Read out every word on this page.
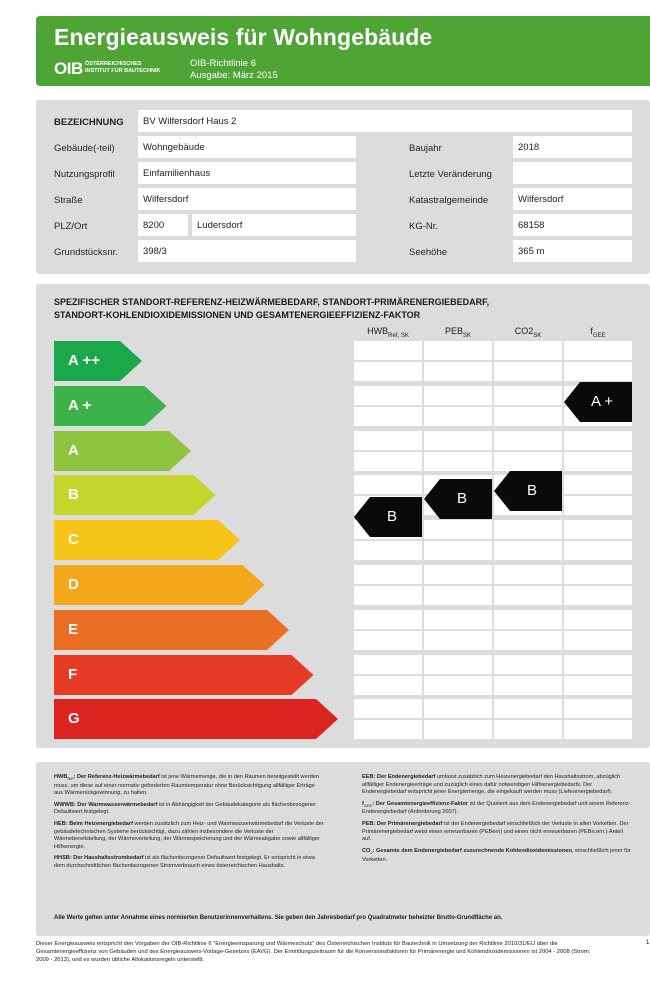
Energieausweis für Wohngebäude
OIB ÖSTERREICHISCHES
INSTITUT FÜR BAUTECHNIK
OIB-Richtlinie 6
Ausgabe: März 2015
BEZEICHNUNG	BV Wilfersdorf Haus 2
Gebäude(-teil)	Wohngebäude	Baujahr	2018
Nutzungsprofil	Einfamilienhaus	Letzte Veränderung
Straße	Wilfersdorf	Katastralgemeinde	Wilfersdorf
PLZ/Ort	8200	Ludersdorf	KG-Nr.	68158
Grundstücksnr.	398/3	Seehöhe	365 m
SPEZIFISCHER STANDORT-REFERENZ-HEIZWÄRMEBEDARF, STANDORT-PRIMÄRENERGIEBEDARF,
STANDORT-KOHLENDIOXIDEMISSIONEN UND GESAMTENERGIEEFFIZIENZ-FAKTOR
$HWB_{Ref, SK}$	$PEB_{SK}$	$CO2_{SK}$	$f_{GEE}$
A ++
A +
A
B
C
D
E
F
G
B
B	B
A +

$HWB_{Ref}$: Der Referenz-Heizwärmebedarf ist jene Wärmemenge, die in den Räumen bereitgestellt werden muss, um diese auf einer normativ geforderten Raumtemperatur ohne Berücksichtigung allfälliger Erträge aus Wärmerückgewinnung, zu halten.

WWWB: Der Warmwasserwärmebedarf ist in Abhängigkeit der Gebäudekategorie als flächenbezogener Defaultwert festgelegt.

HEB: Beim Heizenergiebedarf werden zusätzlich zum Heiz- und Warmwasserwärmebedarf die Verluste der gebäudetechnischen Systeme berücksichtigt, dazu zählen insbesondere die Verluste der Wärmebereitstellung, der Wärmeverteilung, der Wärmespeicherung und der Wärmeabgabe sowie allfälliger Hilfsenergie.

HHSB: Der Haushaltsstrombedarf ist als flächenbezogener Defaultwert festgelegt. Er entspricht in etwa dem durchschnittlichen flächenbezogenen Stromverbrauch eines österreichischen Haushalts.

EEB: Der Endenergiebedarf umfasst zusätzlich zum Heizenergiebedarf den Haushaltsstrom, abzüglich allfälliger Endenergieerträge und zuzüglich eines dafür notwendigen Hilfsenergiebedarfs. Der Endenergiebedarf entspricht jener Energiemenge, die eingekauft werden muss (Lieferenergiebedarf).

$f_{GEE}$: Der Gesamtenergieeffizienz-Faktor ist der Quotient aus dem Endenergiebedarf und einem Referenz-Endenergiebedarf (Anforderung 2007).

PEB: Der Primärenergiebedarf ist der Endenergiebedarf einschließlich der Verluste in allen Vorketten. Der Primärenergiebedarf weist einen erneuerbaren (PEBern) und einen nicht erneuerbaren (PEBn.ern.) Anteil auf.

$CO_2$: Gesamte dem Endenergiebedarf zuzurechnende Kohlendioxidemissionen, einschließlich jener für Vorketten.

Alle Werte gelten unter Annahme eines normierten Benutzerinnenverhaltens. Sie geben den Jahresbedarf pro Quadratmeter beheizter Brutto-Grundfläche an.
Dieser Energieausweis entspricht den Vorgaben der OIB-Richtlinie 6 "Energieeinsparung und Wärmeschutz" des Österreichischen Instituts für Bautechnik in Umsetzung der Richtlinie 2010/31/EU über die Gesamtenergieeffizienz von Gebäuden und des Energieausweis-Vorlage-Gesetzes (EAVG). Der Ermittlungszeitraum für die Konversionsfaktoren für Primärenergie und Kohlendioxidemissionen ist 2004 - 2008 (Strom: 2009 - 2013), und es wurden übliche Allokationsregeln unterstellt.
1
